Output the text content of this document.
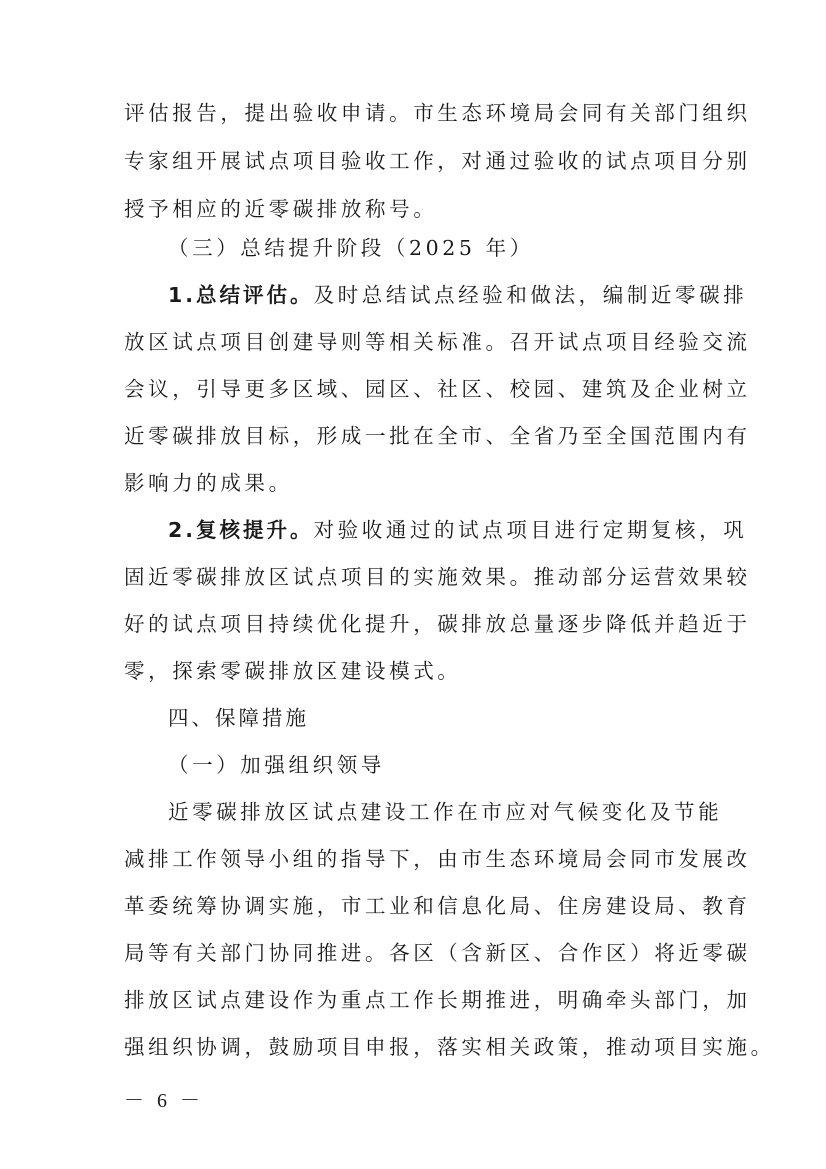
评估报告，提出验收申请。市生态环境局会同有关部门组织
专家组开展试点项目验收工作，对通过验收的试点项目分别
授予相应的近零碳排放称号。
（三）总结提升阶段（2025 年）
1.总结评估。及时总结试点经验和做法，编制近零碳排
放区试点项目创建导则等相关标准。召开试点项目经验交流
会议，引导更多区域、园区、社区、校园、建筑及企业树立
近零碳排放目标，形成一批在全市、全省乃至全国范围内有
影响力的成果。
2.复核提升。对验收通过的试点项目进行定期复核，巩
固近零碳排放区试点项目的实施效果。推动部分运营效果较
好的试点项目持续优化提升，碳排放总量逐步降低并趋近于
零，探索零碳排放区建设模式。
四、保障措施
（一）加强组织领导
近零碳排放区试点建设工作在市应对气候变化及节能
减排工作领导小组的指导下，由市生态环境局会同市发展改
革委统筹协调实施，市工业和信息化局、住房建设局、教育
局等有关部门协同推进。各区（含新区、合作区）将近零碳
排放区试点建设作为重点工作长期推进，明确牵头部门，加
强组织协调，鼓励项目申报，落实相关政策，推动项目实施。
－ 6 －
